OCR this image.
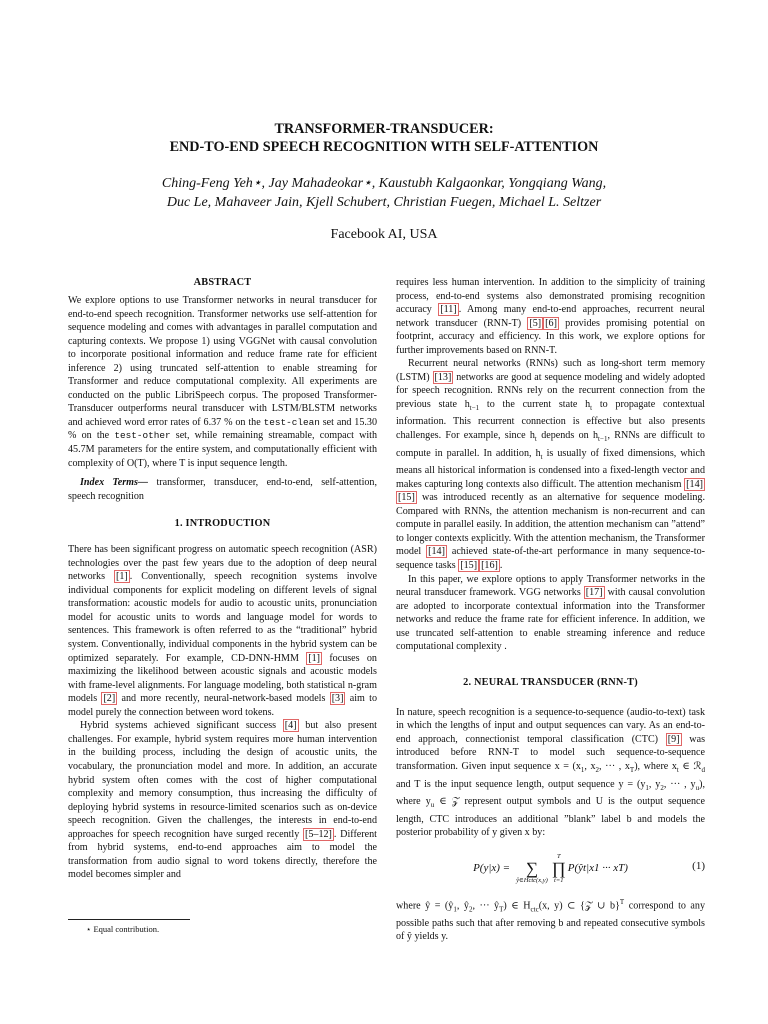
TRANSFORMER-TRANSDUCER:
END-TO-END SPEECH RECOGNITION WITH SELF-ATTENTION
Ching-Feng Yeh⋆, Jay Mahadeokar⋆, Kaustubh Kalgaonkar, Yongqiang Wang,
Duc Le, Mahaveer Jain, Kjell Schubert, Christian Fuegen, Michael L. Seltzer
Facebook AI, USA
ABSTRACT

We explore options to use Transformer networks in neural transducer for end-to-end speech recognition. Transformer networks use self-attention for sequence modeling and comes with advantages in parallel computation and capturing contexts. We propose 1) using VGGNet with causal convolution to incorporate positional information and reduce frame rate for efficient inference 2) using truncated self-attention to enable streaming for Transformer and reduce computational complexity. All experiments are conducted on the public LibriSpeech corpus. The proposed Transformer-Transducer outperforms neural transducer with LSTM/BLSTM networks and achieved word error rates of 6.37 % on the test-clean set and 15.30 % on the test-other set, while remaining streamable, compact with 45.7M parameters for the entire system, and computationally efficient with complexity of O(T), where T is input sequence length.

Index Terms— transformer, transducer, end-to-end, self-attention, speech recognition

1. INTRODUCTION

There has been significant progress on automatic speech recognition (ASR) technologies over the past few years due to the adoption of deep neural networks [1] . Conventionally, speech recognition systems involve individual components for explicit modeling on different levels of signal transformation: acoustic models for audio to acoustic units, pronunciation model for acoustic units to words and language model for words to sentences. This framework is often referred to as the “traditional” hybrid system. Conventionally, individual components in the hybrid system can be optimized separately. For example, CD-DNN-HMM [1] focuses on maximizing the likelihood between acoustic signals and acoustic models with frame-level alignments. For language modeling, both statistical n-gram models [2] and more recently, neural-network-based models [3] aim to model purely the connection between word tokens.

Hybrid systems achieved significant success [4] but also present challenges. For example, hybrid system requires more human intervention in the building process, including the design of acoustic units, the vocabulary, the pronunciation model and more. In addition, an accurate hybrid system often comes with the cost of higher computational complexity and memory consumption, thus increasing the difficulty of deploying hybrid systems in resource-limited scenarios such as on-device speech recognition. Given the challenges, the interests in end-to-end approaches for speech recognition have surged recently [5–12] . Different from hybrid systems, end-to-end approaches aim to model the transformation from audio signal to word tokens directly, therefore the model becomes simpler and

requires less human intervention. In addition to the simplicity of training process, end-to-end systems also demonstrated promising recognition accuracy [11] . Among many end-to-end approaches, recurrent neural network transducer (RNN-T) [5] [6] provides promising potential on footprint, accuracy and efficiency. In this work, we explore options for further improvements based on RNN-T.

Recurrent neural networks (RNNs) such as long-short term memory (LSTM) [13] networks are good at sequence modeling and widely adopted for speech recognition. RNNs rely on the recurrent connection from the previous state $h_{t-1}$ to the current state $h_t$ to propagate contextual information. This recurrent connection is effective but also presents challenges. For example, since $h_t$ depends on $h_{t-1}$, RNNs are difficult to compute in parallel. In addition, $h_t$ is usually of fixed dimensions, which means all historical information is condensed into a fixed-length vector and makes capturing long contexts also difficult. The attention mechanism [14][15] was introduced recently as an alternative for sequence modeling. Compared with RNNs, the attention mechanism is non-recurrent and can compute in parallel easily. In addition, the attention mechanism can ”attend” to longer contexts explicitly. With the attention mechanism, the Transformer model [14] achieved state-of-the-art performance in many sequence-to-sequence tasks [15] [16] .

In this paper, we explore options to apply Transformer networks in the neural transducer framework. VGG networks [17] with causal convolution are adopted to incorporate contextual information into the Transformer networks and reduce the frame rate for efficient inference. In addition, we use truncated self-attention to enable streaming inference and reduce computational complexity .

2. NEURAL TRANSDUCER (RNN-T)

In nature, speech recognition is a sequence-to-sequence (audio-to-text) task in which the lengths of input and output sequences can vary. As an end-to-end approach, connectionist temporal classification (CTC) [9] was introduced before RNN-T to model such sequence-to-sequence transformation. Given input sequence $x = (x_1$, $x_2$, ··· , $x_T$), where $x_t$ ∈ ℛ$_d$ and T is the input sequence length, output sequence $y = (y_1$, $y_2$, ··· , $y_u$), where $y_u$ ∈ 𝒵 represent output symbols and U is the output sequence length, CTC introduces an additional ”blank” label b and models the posterior probability of y given x by:

P(y|x) = ∑
ŷ∈Hctc(x,y)
T
∏
t=1
P(ŷt|x1 ··· xT)	(1)

where ŷ = ($ŷ_1$, $ŷ_2$, ··· $ŷ_T$) ∈ $H_{ctc}(x$, y) ⊂ {𝒵 ∪ b}$^T$ correspond to any possible paths such that after removing b and repeated consecutive symbols of ŷ yields y.

⋆ Equal contribution.
